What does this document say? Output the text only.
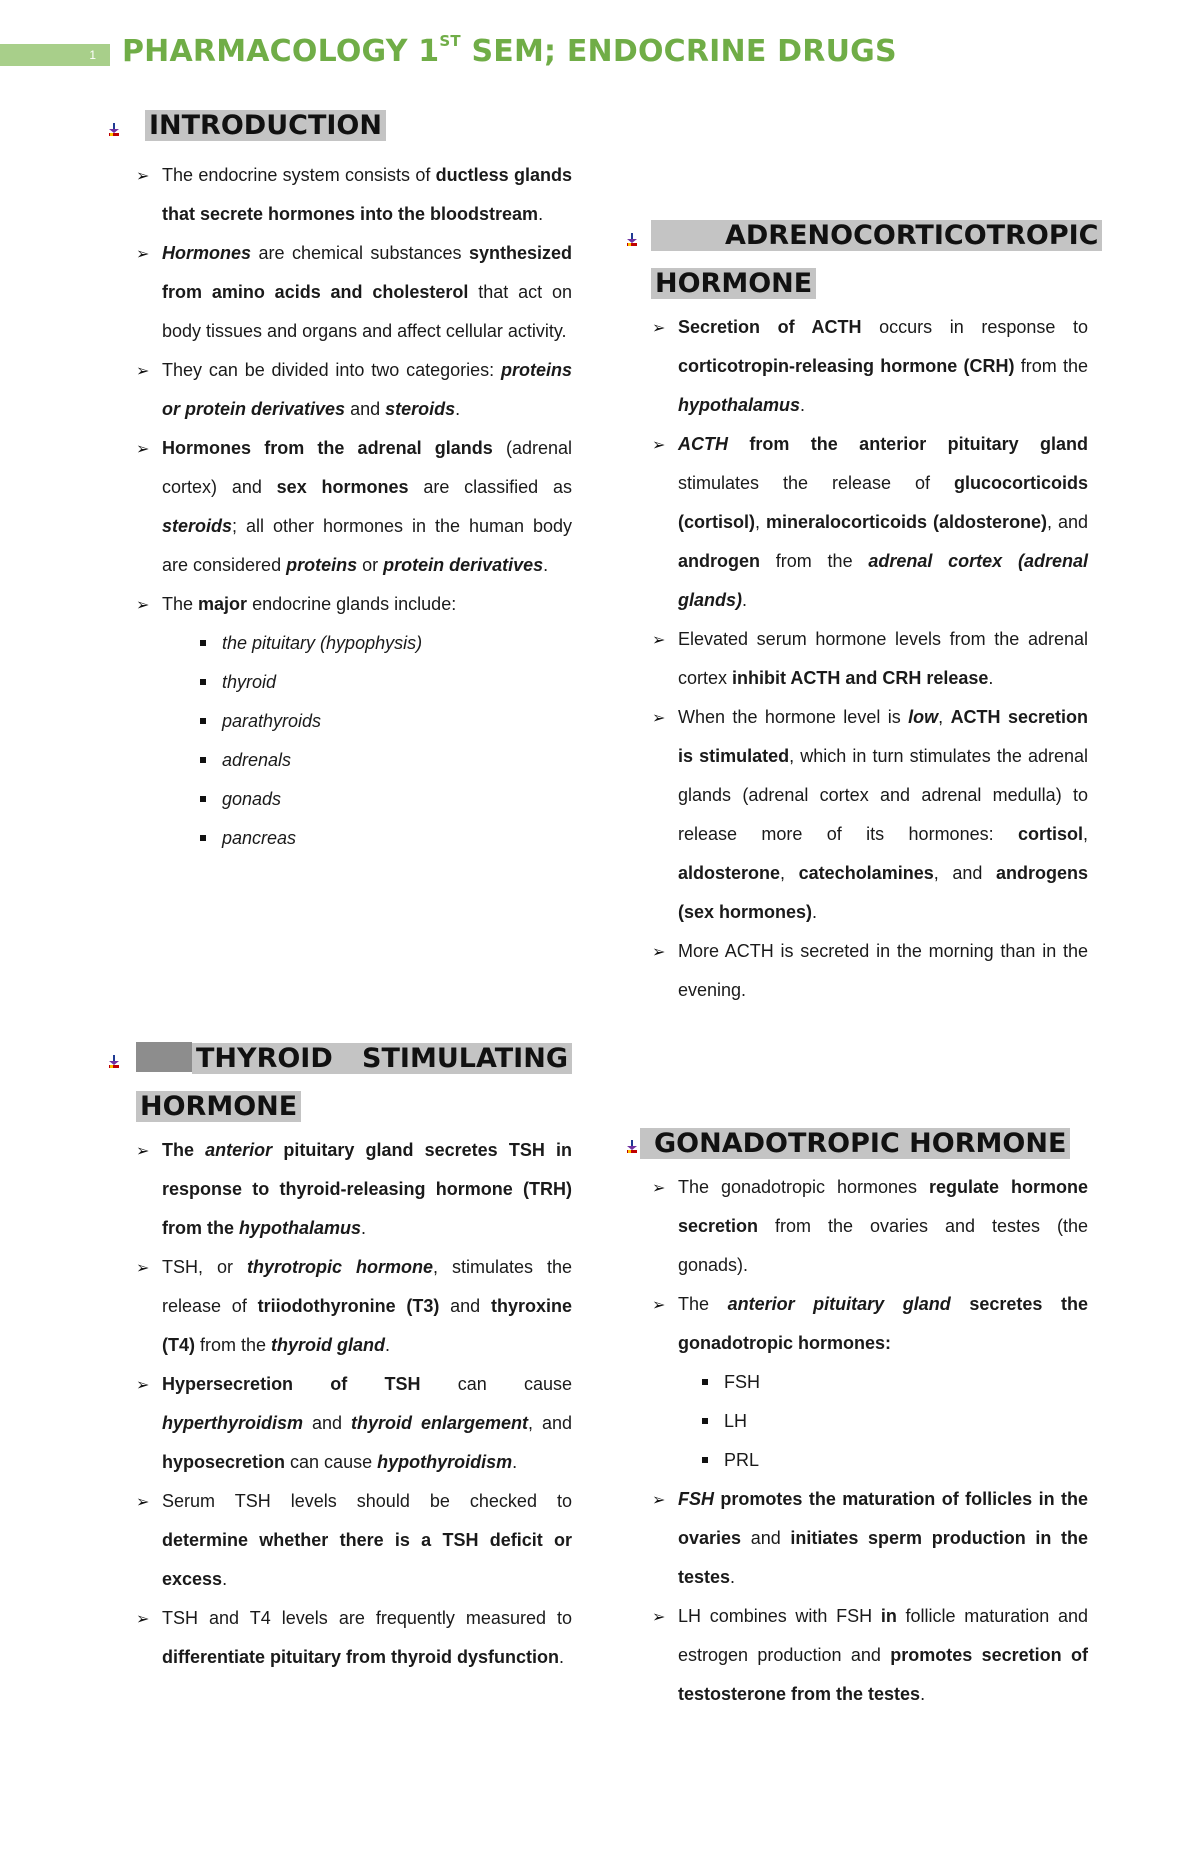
1 PHARMACOLOGY 1ST SEM; ENDOCRINE DRUGS
INTRODUCTION
➢ The endocrine system consists of ductless glands that secrete hormones into the bloodstream.
➢ Hormones are chemical substances synthesized from amino acids and cholesterol that act on body tissues and organs and affect cellular activity.
➢ They can be divided into two categories: proteins or protein derivatives and steroids.
➢ Hormones from the adrenal glands (adrenal cortex) and sex hormones are classified as steroids; all other hormones in the human body are considered proteins or protein derivatives.
➢ The major endocrine glands include:
the pituitary (hypophysis)
thyroid
parathyroids
adrenals
gonads
pancreas
THYROID STIMULATING
HORMONE
➢ The anterior pituitary gland secretes TSH in response to thyroid-releasing hormone (TRH) from the hypothalamus.
➢ TSH, or thyrotropic hormone, stimulates the release of triiodothyronine (T3) and thyroxine (T4) from the thyroid gland.
➢ Hypersecretion of TSH can cause hyperthyroidism and thyroid enlargement, and hyposecretion can cause hypothyroidism.
➢ Serum TSH levels should be checked to determine whether there is a TSH deficit or excess.
➢ TSH and T4 levels are frequently measured to differentiate pituitary from thyroid dysfunction.
ADRENOCORTICOTROPIC
HORMONE
➢ Secretion of ACTH occurs in response to corticotropin-releasing hormone (CRH) from the hypothalamus.
➢ ACTH from the anterior pituitary gland stimulates the release of glucocorticoids (cortisol), mineralocorticoids (aldosterone), and androgen from the adrenal cortex (adrenal glands).
➢ Elevated serum hormone levels from the adrenal cortex inhibit ACTH and CRH release.
➢ When the hormone level is low, ACTH secretion is stimulated, which in turn stimulates the adrenal glands (adrenal cortex and adrenal medulla) to release more of its hormones: cortisol, aldosterone, catecholamines, and androgens (sex hormones).
➢ More ACTH is secreted in the morning than in the evening.
GONADOTROPIC HORMONE
➢ The gonadotropic hormones regulate hormone secretion from the ovaries and testes (the gonads).
➢ The anterior pituitary gland secretes the gonadotropic hormones:
FSH
LH
PRL
➢ FSH promotes the maturation of follicles in the ovaries and initiates sperm production in the testes.
➢ LH combines with FSH in follicle maturation and estrogen production and promotes secretion of testosterone from the testes.
